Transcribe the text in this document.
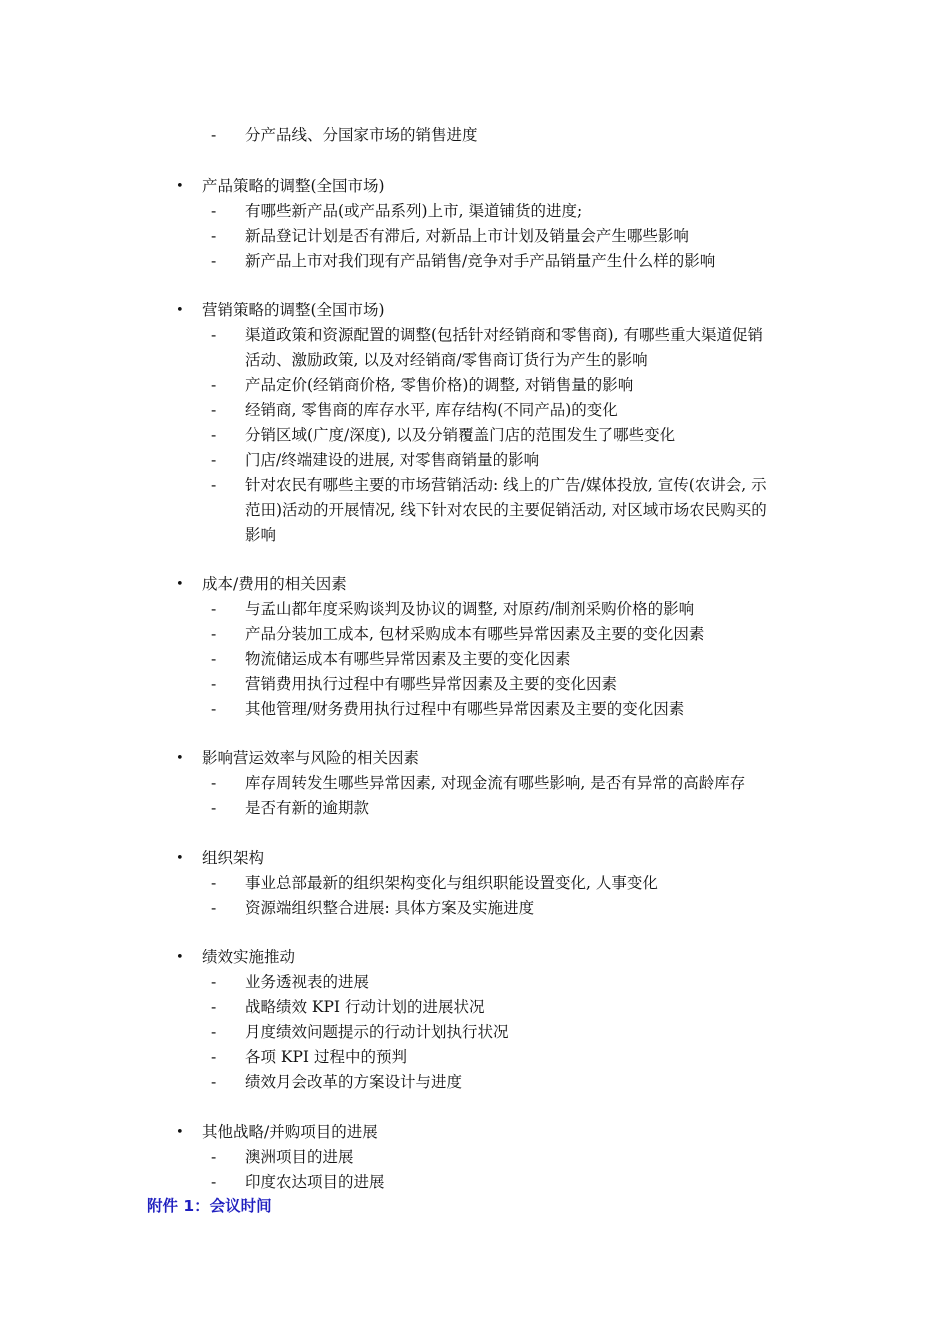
- 分产品线、分国家市场的销售进度
• 产品策略的调整(全国市场)
- 有哪些新产品(或产品系列)上市, 渠道铺货的进度;
- 新品登记计划是否有滞后, 对新品上市计划及销量会产生哪些影响
- 新产品上市对我们现有产品销售/竞争对手产品销量产生什么样的影响
• 营销策略的调整(全国市场)
- 渠道政策和资源配置的调整(包括针对经销商和零售商), 有哪些重大渠道促销
活动、激励政策, 以及对经销商/零售商订货行为产生的影响
- 产品定价(经销商价格, 零售价格)的调整, 对销售量的影响
- 经销商, 零售商的库存水平, 库存结构(不同产品)的变化
- 分销区域(广度/深度), 以及分销覆盖门店的范围发生了哪些变化
- 门店/终端建设的进展, 对零售商销量的影响
- 针对农民有哪些主要的市场营销活动: 线上的广告/媒体投放, 宣传(农讲会, 示
范田)活动的开展情况, 线下针对农民的主要促销活动, 对区域市场农民购买的
影响
• 成本/费用的相关因素
- 与孟山都年度采购谈判及协议的调整, 对原药/制剂采购价格的影响
- 产品分装加工成本, 包材采购成本有哪些异常因素及主要的变化因素
- 物流储运成本有哪些异常因素及主要的变化因素
- 营销费用执行过程中有哪些异常因素及主要的变化因素
- 其他管理/财务费用执行过程中有哪些异常因素及主要的变化因素
• 影响营运效率与风险的相关因素
- 库存周转发生哪些异常因素, 对现金流有哪些影响, 是否有异常的高龄库存
- 是否有新的逾期款
• 组织架构
- 事业总部最新的组织架构变化与组织职能设置变化, 人事变化
- 资源端组织整合进展: 具体方案及实施进度
• 绩效实施推动
- 业务透视表的进展
- 战略绩效 KPI 行动计划的进展状况
- 月度绩效问题提示的行动计划执行状况
- 各项 KPI 过程中的预判
- 绩效月会改革的方案设计与进度
• 其他战略/并购项目的进展
- 澳洲项目的进展
- 印度农达项目的进展
附件 1：会议时间
